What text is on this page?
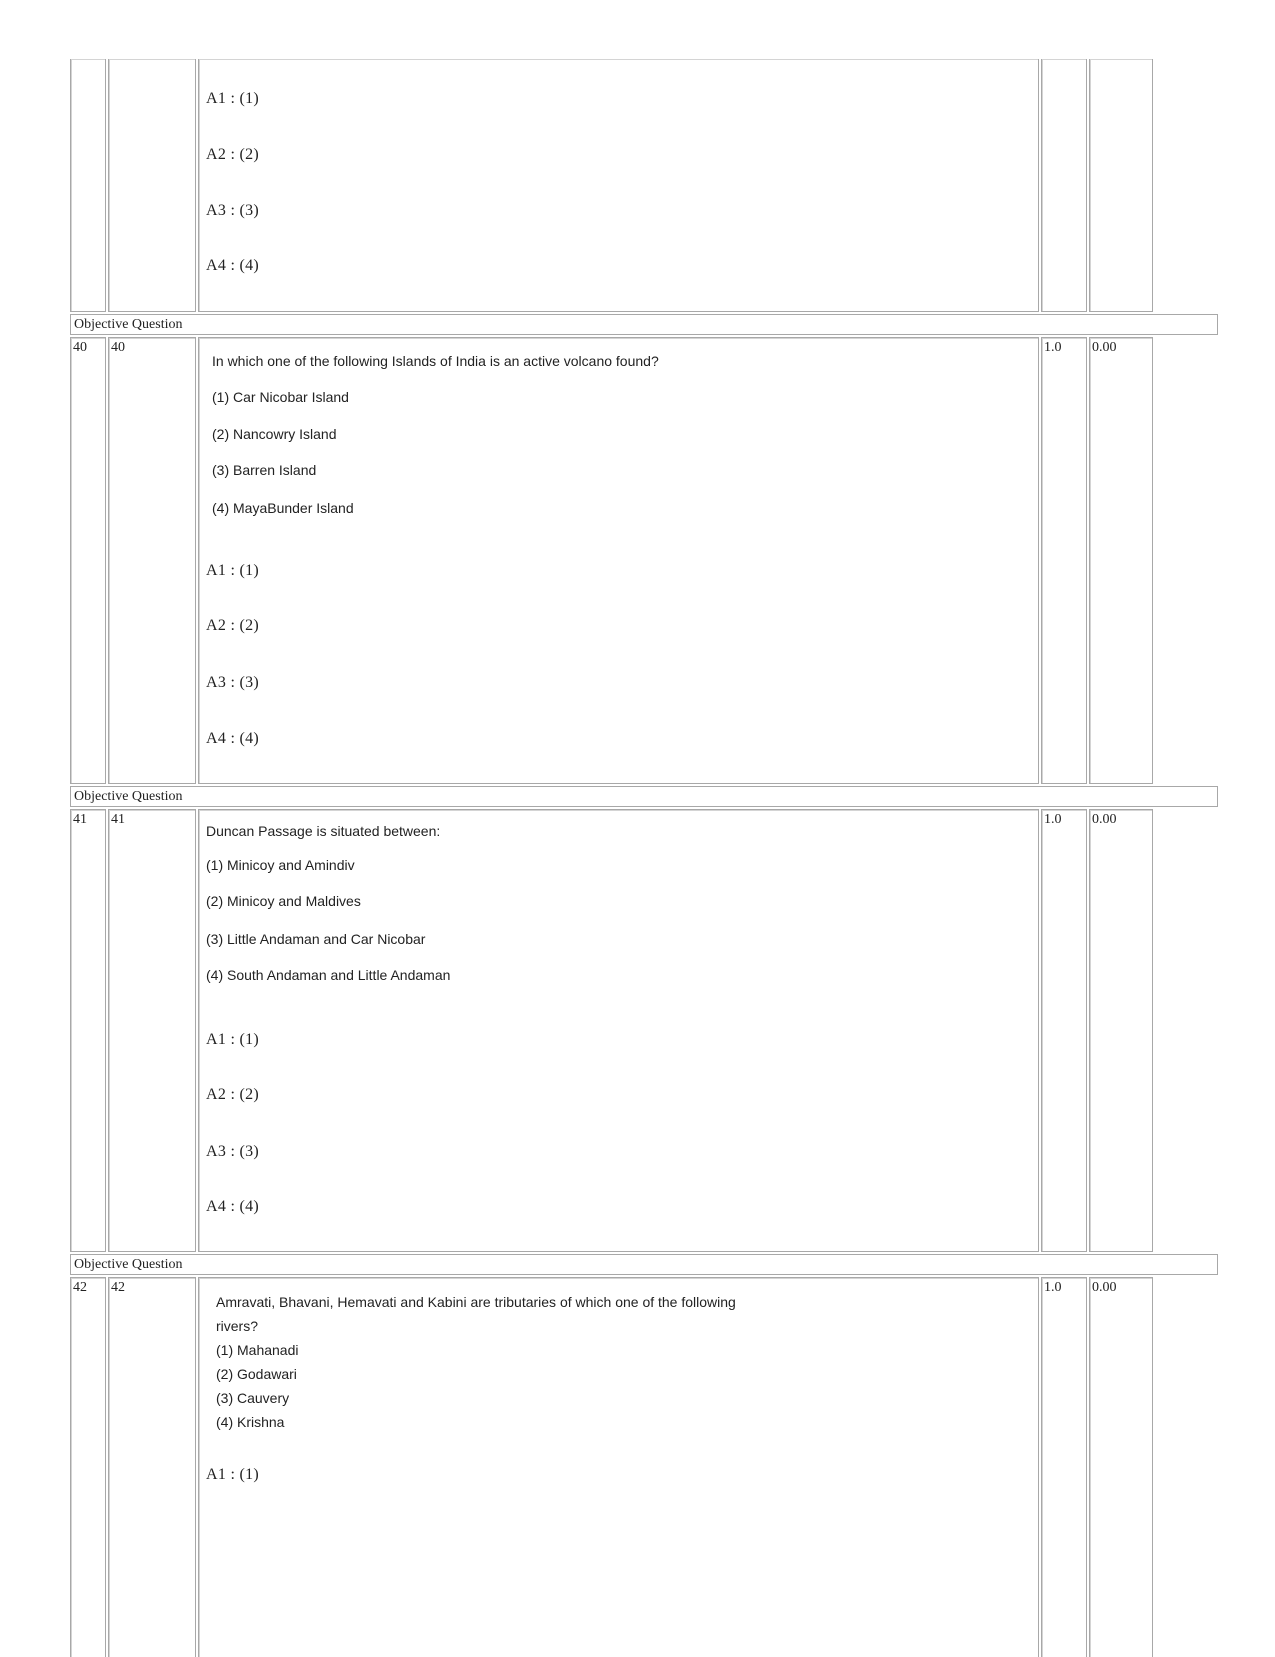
A1 : (1)
A2 : (2)
A3 : (3)
A4 : (4)
Objective Question
40	40
In which one of the following Islands of India is an active volcano found?
(1) Car Nicobar Island
(2) Nancowry Island
(3) Barren Island
(4) MayaBunder Island
A1 : (1)
A2 : (2)
A3 : (3)
A4 : (4)
1.0	0.00
Objective Question
41	41
Duncan Passage is situated between:
(1) Minicoy and Amindiv
(2) Minicoy and Maldives
(3) Little Andaman and Car Nicobar
(4) South Andaman and Little Andaman
A1 : (1)
A2 : (2)
A3 : (3)
A4 : (4)
1.0	0.00
Objective Question
42	42
Amravati, Bhavani, Hemavati and Kabini are tributaries of which one of the following
rivers?
(1) Mahanadi
(2) Godawari
(3) Cauvery
(4) Krishna
A1 : (1)
1.0	0.00
